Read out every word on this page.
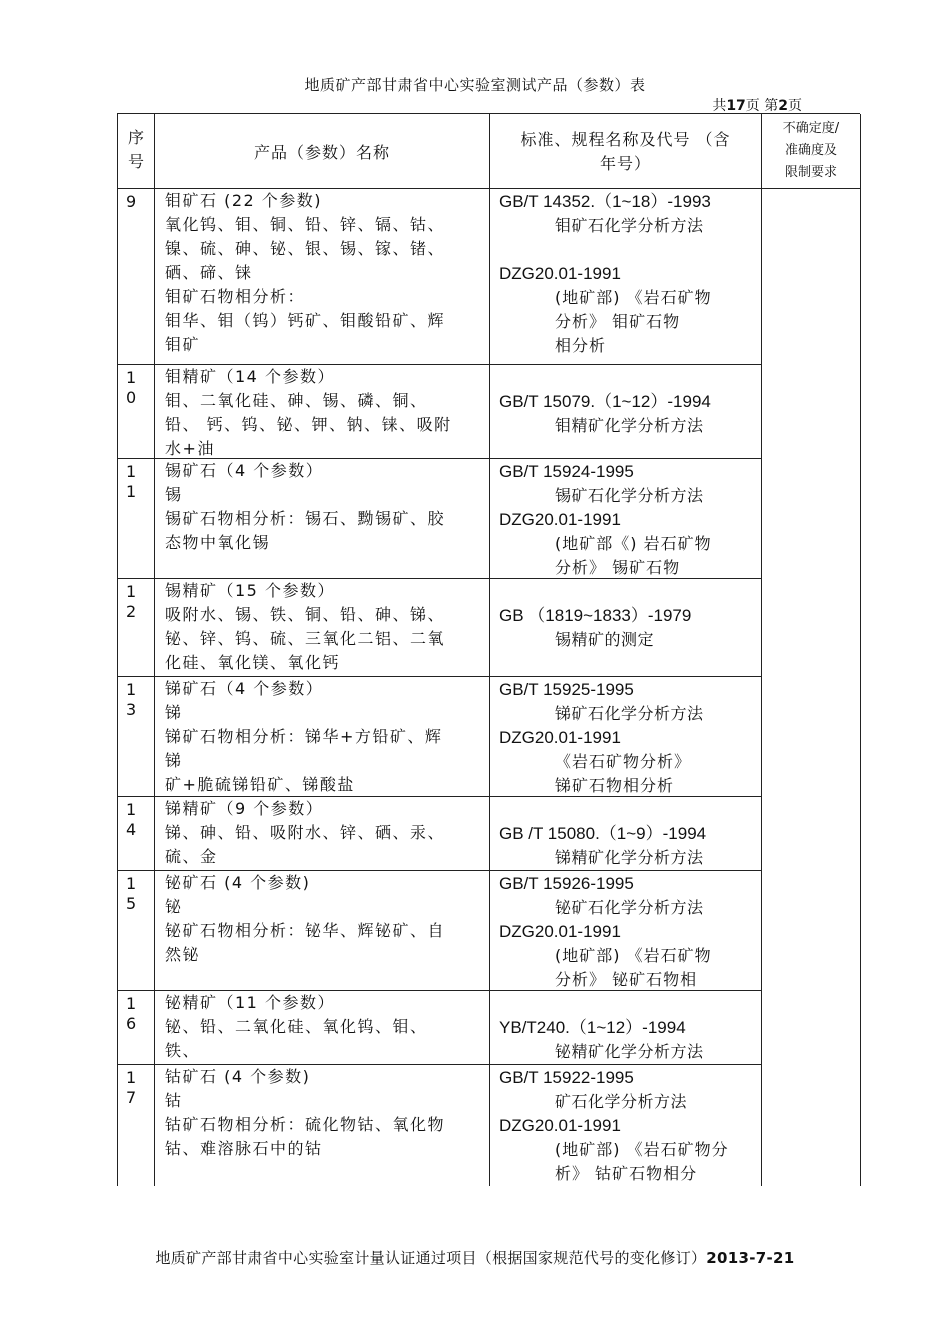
地质矿产部甘肃省中心实验室测试产品（参数）表
共17页 第2页
序
号	产品（参数）名称
标准、规程名称及代号 （含
年号）
不确定度/
准确度及
限制要求
9	钼矿石 (22 个参数)
氧化钨、钼、铜、铅、锌、镉、钴、
镍、硫、砷、铋、银、锡、镓、锗、
硒、碲、铼
钼矿石物相分析：
钼华、钼（钨）钙矿、钼酸铅矿、辉
钼矿
GB/T 14352.（1~18）-1993
钼矿石化学分析方法
DZG20.01-1991
(地矿部) 《岩石矿物
分析》 钼矿石物
相分析
1
0
钼精矿（14 个参数）
钼、二氧化硅、砷、锡、磷、铜、
铅、 钙、钨、铋、钾、钠、铼、吸附
水+油
GB/T 15079.（1~12）-1994
钼精矿化学分析方法
1
1
锡矿石（4 个参数）
锡
锡矿石物相分析：锡石、黝锡矿、胶
态物中氧化锡
GB/T 15924-1995
锡矿石化学分析方法
DZG20.01-1991
(地矿部《) 岩石矿物
分析》 锡矿石物
1
2
锡精矿（15 个参数）
吸附水、锡、铁、铜、铅、砷、锑、
铋、锌、钨、硫、三氧化二铝、二氧
化硅、氧化镁、氧化钙
GB （1819~1833）-1979
锡精矿的测定
1
3
锑矿石（4 个参数）
锑
锑矿石物相分析：锑华+方铅矿、辉
锑
矿+脆硫锑铅矿、锑酸盐
GB/T 15925-1995
锑矿石化学分析方法
DZG20.01-1991
《岩石矿物分析》
锑矿石物相分析
1
4
锑精矿（9 个参数）
锑、砷、铅、吸附水、锌、硒、汞、
硫、金
GB /T 15080.（1~9）-1994
锑精矿化学分析方法
1
5
铋矿石 (4 个参数)
铋
铋矿石物相分析：铋华、辉铋矿、自
然铋
GB/T 15926-1995
铋矿石化学分析方法
DZG20.01-1991
(地矿部) 《岩石矿物
分析》 铋矿石物相
1
6
铋精矿（11 个参数）
铋、铅、二氧化硅、氧化钨、钼、
铁、
YB/T240.（1~12）-1994
铋精矿化学分析方法
1
7
钴矿石 (4 个参数)
钴
钴矿石物相分析：硫化物钴、氧化物
钴、难溶脉石中的钴
GB/T 15922-1995
矿石化学分析方法
DZG20.01-1991
(地矿部) 《岩石矿物分
析》 钴矿石物相分
地质矿产部甘肃省中心实验室计量认证通过项目（根据国家规范代号的变化修订）2013-7-21
